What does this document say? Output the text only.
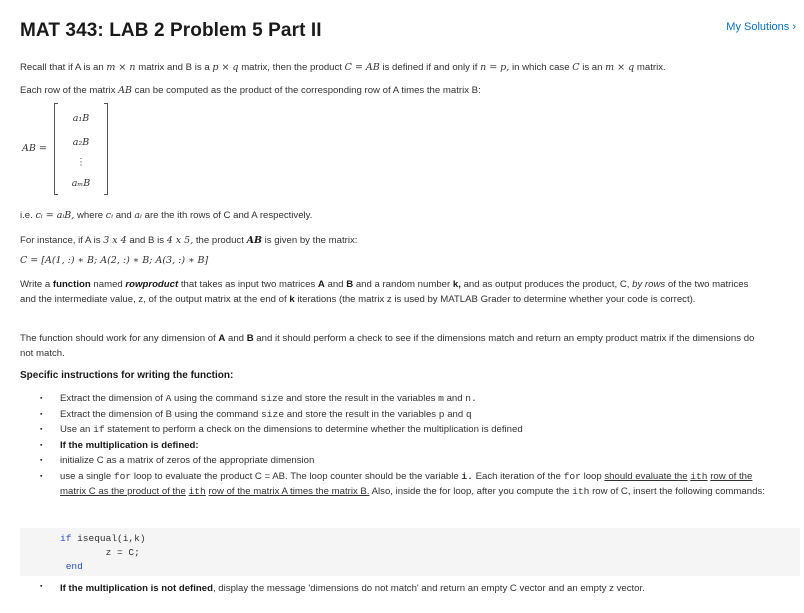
MAT 343: LAB 2 Problem 5 Part II	My Solutions ›
Recall that if A is an m × n matrix and B is a p × q matrix, then the product C = AB is defined if and only if n = p, in which case C is an m × q matrix.
Each row of the matrix AB can be computed as the product of the corresponding row of A times the matrix B:
AB =
a₁B
a₂B
⋮
aₘB
i.e. cᵢ = aᵢB, where cᵢ and aᵢ are the ith rows of C and A respectively.
For instance, if A is 3 x 4 and B is 4 x 5, the product AB is given by the matrix:
C = [A(1, :) ∗ B; A(2, :) ∗ B; A(3, :) ∗ B]
Write a function named rowproduct that takes as input two matrices A and B and a random number k, and as output produces the product, C, by rows of the two matrices and the intermediate value, z, of the output matrix at the end of k iterations (the matrix z is used by MATLAB Grader to determine whether your code is correct).
The function should work for any dimension of A and B and it should perform a check to see if the dimensions match and return an empty product matrix if the dimensions do not match.
Specific instructions for writing the function:
▪ Extract the dimension of A using the command size and store the result in the variables m and n.
▪ Extract the dimension of B using the command size and store the result in the variables p and q
▪ Use an if statement to perform a check on the dimensions to determine whether the multiplication is defined
▪ If the multiplication is defined:
▪ initialize C as a matrix of zeros of the appropriate dimension
▪ use a single for loop to evaluate the product C = AB. The loop counter should be the variable i. Each iteration of the for loop should evaluate the ith row of the matrix C as the product of the ith row of the matrix A times the matrix B. Also, inside the for loop, after you compute the ith row of C, insert the following commands:
if isequal(i,k)
z = C;
end
▪ If the multiplication is not defined, display the message 'dimensions do not match' and return an empty C vector and an empty z vector.
